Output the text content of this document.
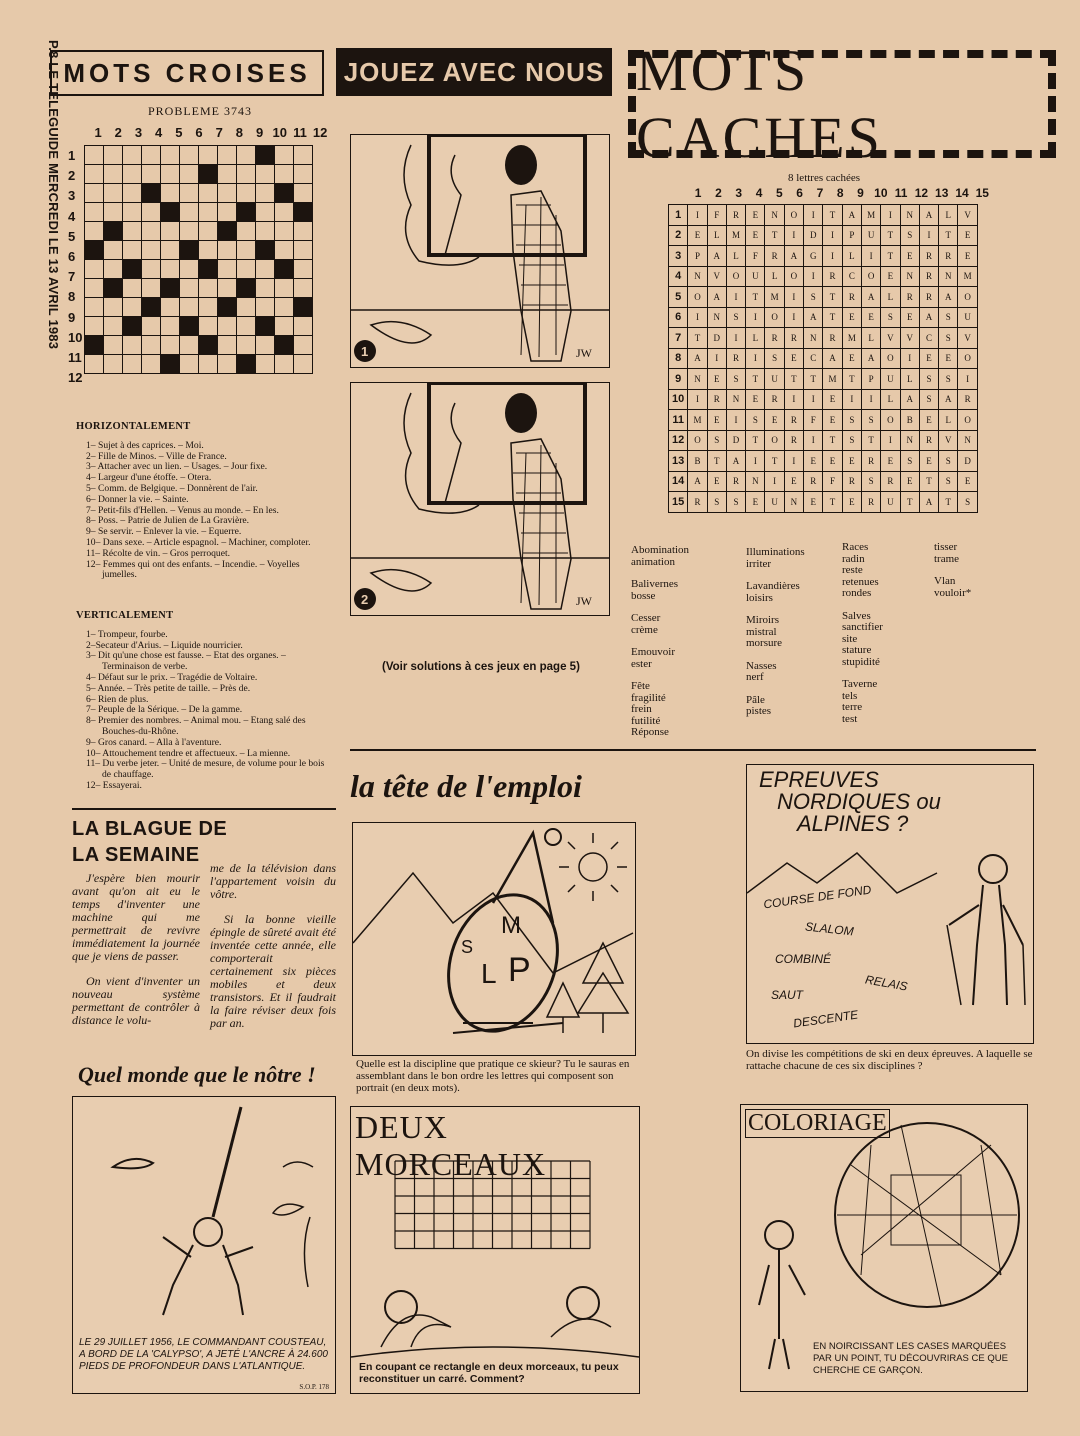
P.8 LE TELEGUIDE MERCREDI LE 13 AVRIL 1983 MOTS CROISES
PROBLEME 3743
1 2 3 4 5 6 7 8 9 10 11 12
1
2
3
4
5
6
7
8
9
10
11
12

HORIZONTALEMENT
1– Sujet à des caprices. – Moi.
2– Fille de Minos. – Ville de France.
3– Attacher avec un lien. – Usages. – Jour fixe.
4– Largeur d'une étoffe. – Otera.
5– Comm. de Belgique. – Donnèrent de l'air.
6– Donner la vie. – Sainte.
7– Petit-fils d'Hellen. – Venus au monde. – En les.
8– Poss. – Patrie de Julien de La Gravière.
9– Se servir. – Enlever la vie. – Equerre.
10– Dans sexe. – Article espagnol. – Machiner, comploter.
11– Récolte de vin. – Gros perroquet.
12– Femmes qui ont des enfants. – Incendie. – Voyelles jumelles.
VERTICALEMENT
1– Trompeur, fourbe.
2–Secateur d'Arius. – Liquide nourricier.
3– Dit qu'une chose est fausse. – Etat des organes. – Terminaison de verbe.
4– Défaut sur le prix. – Tragédie de Voltaire.
5– Année. – Très petite de taille. – Près de.
6– Rien de plus.
7– Peuple de la Sérique. – De la gamme.
8– Premier des nombres. – Animal mou. – Etang salé des Bouches-du-Rhône.
9– Gros canard. – Alla à l'aventure.
10– Attouchement tendre et affectueux. – La mienne.
11– Du verbe jeter. – Unité de mesure, de volume pour le bois de chauffage.
12– Essayerai.
LA BLAGUE DE
LA SEMAINE

J'espère bien mourir avant qu'on ait eu le temps d'inventer une machine qui me permettrait de revivre immédiatement la journée que je viens de passer.

On vient d'inventer un nouveau système permettant de contrôler à distance le volu-

me de la télévision dans l'appartement voisin du vôtre.

Si la bonne vieille épingle de sûreté avait été inventée cette année, elle comporterait certainement six pièces mobiles et deux transistors. Et il faudrait la faire réviser deux fois par an.

Quel monde que le nôtre !
LE 29 JUILLET 1956, LE COMMANDANT COUSTEAU, A BORD DE LA 'CALYPSO', A JETÉ L'ANCRE À 24.600 PIEDS DE PROFONDEUR DANS L'ATLANTIQUE.
S.O.P. 178
JOUEZ AVEC NOUS
1	JW
2	JW
(Voir solutions à ces jeux en page 5)
MOTS CACHES
8 lettres cachées
1	2	3	4	5	6	7	8	9 10 11 12 13 14 15
1	I	F	R	E	N	O	I	T	A	M	I	N	A	L	V
2	E	L	M	E	T	I	D	I	P	U	T	S	I	T	E
3	P	A	L	F	R	A	G	I	L	I	T	E	R	R	E
4	N	V	O	U	L	O	I	R	C	O	E	N	R	N	M
5	O	A	I	T	M	I	S	T	R	A	L	R	R	A	O
6	I	N	S	I	O	I	A	T	E	E	S	E	A	S	U
7	T	D	I	L	R	R	N	R	M	L	V	V	C	S	V
8	A	I	R	I	S	E	C	A	E	A	O	I	E	E	O
9	N	E	S	T	U	T	T	M	T	P	U	L	S	S	I
10	I	R	N	E	R	I	I	E	I	I	L	A	S	A	R
11	M	E	I	S	E	R	F	E	S	S	O	B	E	L	O
12	O	S	D	T	O	R	I	T	S	T	I	N	R	V	N
13	B	T	A	I	T	I	E	E	E	R	E	S	E	S	D
14	A	E	R	N	I	E	R	F	R	S	R	E	T	S	E
15	R	S	S	E	U	N	E	T	E	R	U	T	A	T	S
Abomination
animation
Balivernes
bosse
Cesser
crème
Emouvoir
ester
Fête
fragilité
frein
futilité
Réponse
Illuminations
irriter
Lavandières
loisirs
Miroirs
mistral
morsure
Nasses
nerf
Pâle
pistes
Races
radin
reste
retenues
rondes
Salves
sanctifier
site
stature
stupidité
Taverne
tels
terre
test
tisser
trame
Vlan
vouloir*
la tête de l'emploi
S
L P
M
Quelle est la discipline que pratique ce skieur? Tu le sauras en assemblant dans le bon ordre les lettres qui composent son portrait (en deux mots).
EPREUVES
NORDIQUES ou
ALPINES ?
COURSE DE FOND
SLALOM
COMBINÉ
RELAIS
SAUT
DESCENTE
On divise les compétitions de ski en deux épreuves. A laquelle se rattache chacune de ces six disciplines ?
DEUX MORCEAUX
En coupant ce rectangle en deux morceaux, tu peux reconstituer un carré. Comment?
COLORIAGE
EN NOIRCISSANT LES CASES MARQUÉES PAR UN POINT, TU DÉCOUVRIRAS CE QUE CHERCHE CE GARÇON.
